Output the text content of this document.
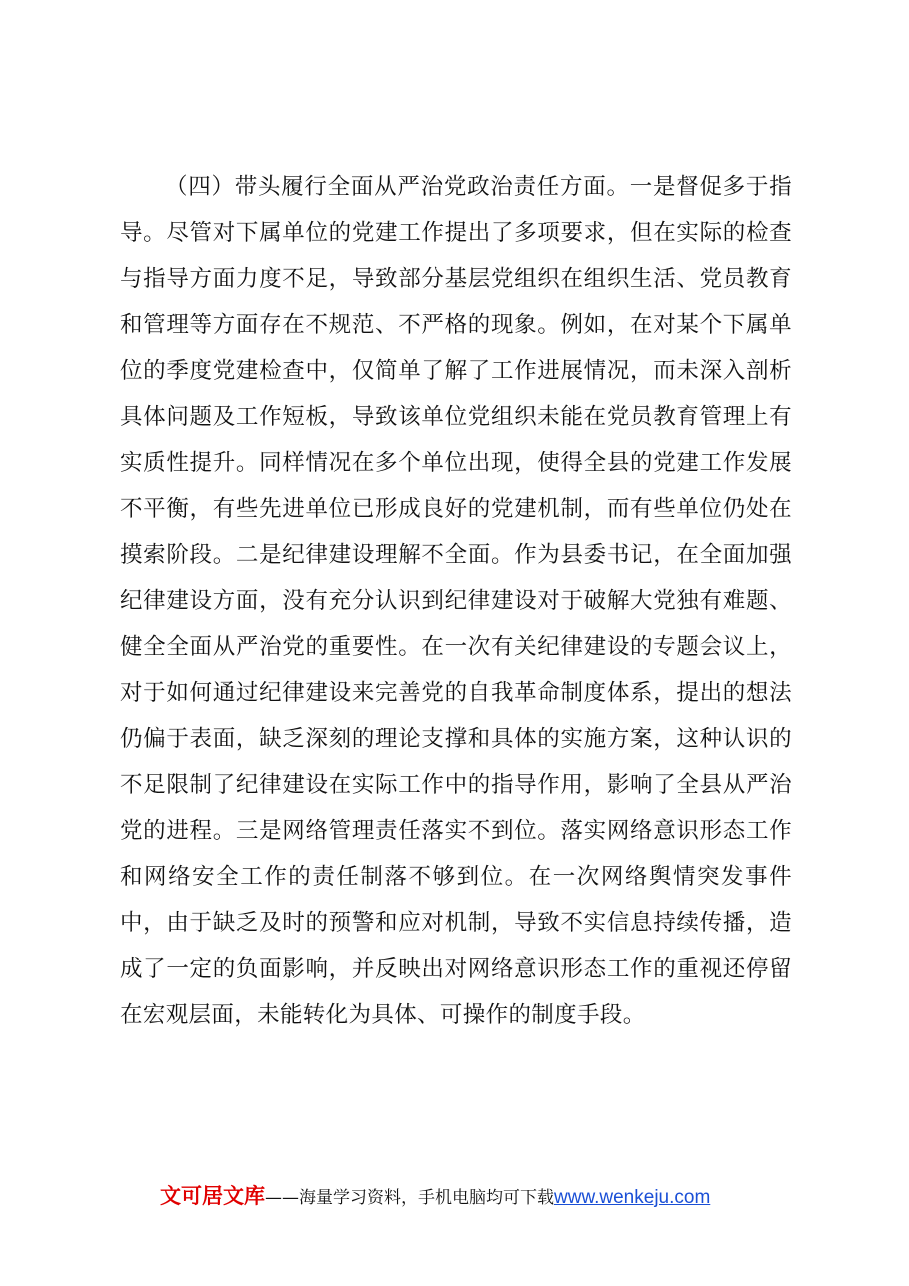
（四）带头履行全面从严治党政治责任方面。一是督促多于指导。尽管对下属单位的党建工作提出了多项要求，但在实际的检查与指导方面力度不足，导致部分基层党组织在组织生活、党员教育和管理等方面存在不规范、不严格的现象。例如，在对某个下属单位的季度党建检查中，仅简单了解了工作进展情况，而未深入剖析具体问题及工作短板，导致该单位党组织未能在党员教育管理上有实质性提升。同样情况在多个单位出现，使得全县的党建工作发展不平衡，有些先进单位已形成良好的党建机制，而有些单位仍处在摸索阶段。二是纪律建设理解不全面。作为县委书记，在全面加强纪律建设方面，没有充分认识到纪律建设对于破解大党独有难题、健全全面从严治党的重要性。在一次有关纪律建设的专题会议上，对于如何通过纪律建设来完善党的自我革命制度体系，提出的想法仍偏于表面，缺乏深刻的理论支撑和具体的实施方案，这种认识的不足限制了纪律建设在实际工作中的指导作用，影响了全县从严治党的进程。三是网络管理责任落实不到位。落实网络意识形态工作和网络安全工作的责任制落不够到位。在一次网络舆情突发事件中，由于缺乏及时的预警和应对机制，导致不实信息持续传播，造成了一定的负面影响，并反映出对网络意识形态工作的重视还停留在宏观层面，未能转化为具体、可操作的制度手段。

文可居文库——海量学习资料，手机电脑均可下载www.wenkeju.com
